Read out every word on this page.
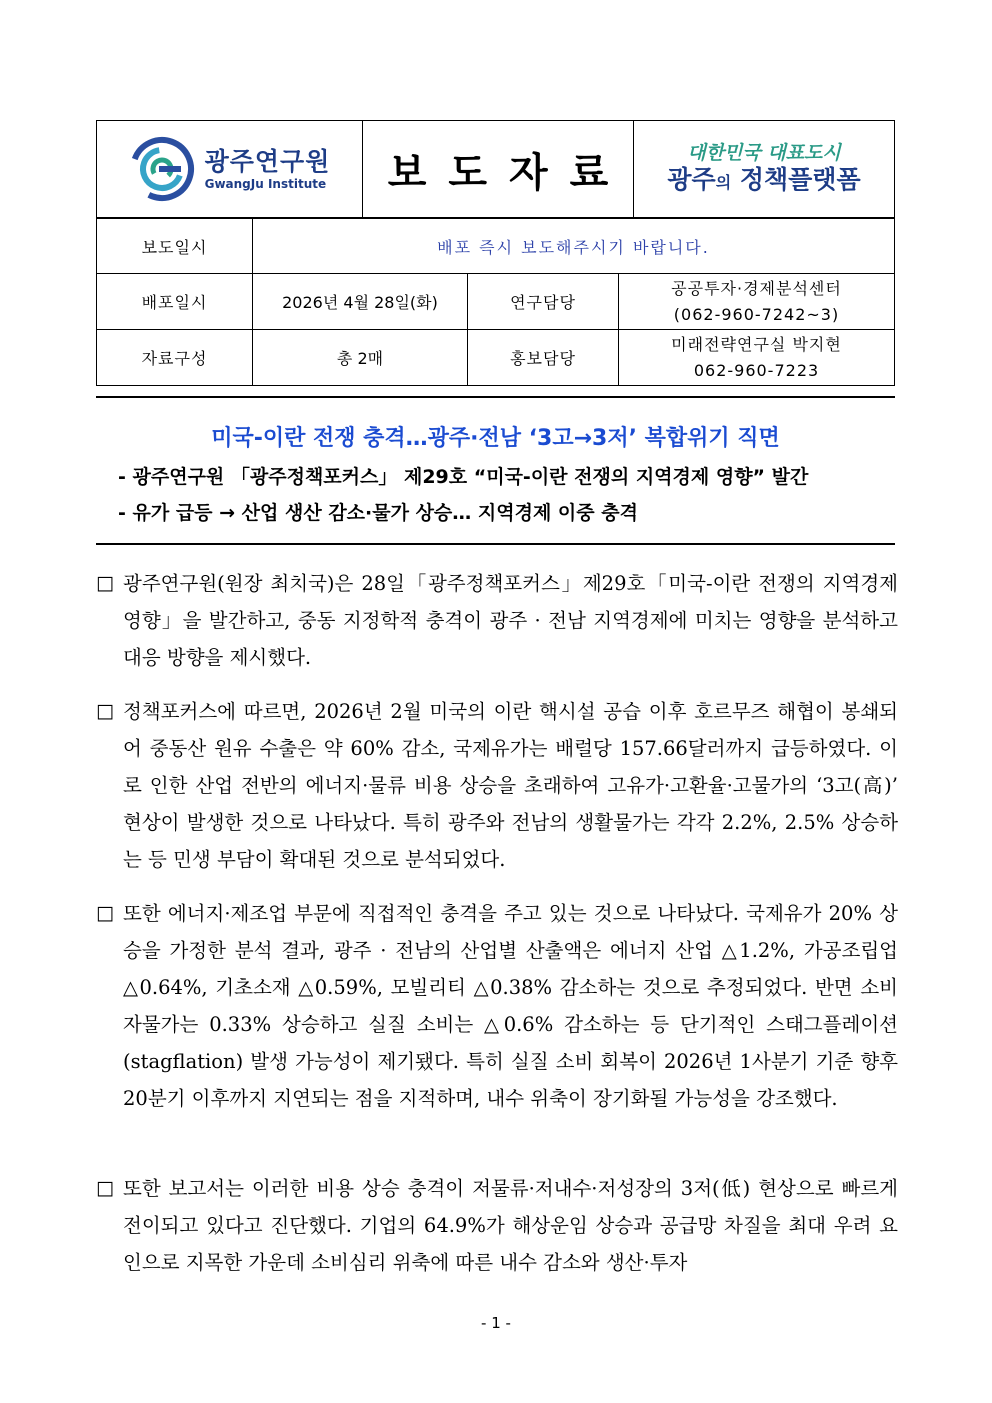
광주연구원
GwangJu Institute 보도자료	대한민국 대표도시
광주의 정책플랫폼
보도일시	배포 즉시 보도해주시기 바랍니다.		
배포일시	2026년 4월 28일(화)	연구담당	공공투자·경제분석센터
(062-960-7242~3)

자료구성	총 2매	홍보담당	미래전략연구실 박지현
062-960-7223
미국-이란 전쟁 충격…광주·전남 ‘3고→3저’ 복합위기 직면
- 광주연구원 「광주정책포커스」 제29호 “미국-이란 전쟁의 지역경제 영향” 발간
- 유가 급등 → 산업 생산 감소·물가 상승… 지역경제 이중 충격
□ 광주연구원(원장 최치국)은 28일「광주정책포커스」제29호「미국-이란 전쟁의 지역경제 영향」을 발간하고, 중동 지정학적 충격이 광주 · 전남 지역경제에 미치는 영향을 분석하고 대응 방향을 제시했다.
□ 정책포커스에 따르면, 2026년 2월 미국의 이란 핵시설 공습 이후 호르무즈 해협이 봉쇄되어 중동산 원유 수출은 약 60% 감소, 국제유가는 배럴당 157.66달러까지 급등하였다. 이로 인한 산업 전반의 에너지·물류 비용 상승을 초래하여 고유가·고환율·고물가의 ‘3고(高)’ 현상이 발생한 것으로 나타났다. 특히 광주와 전남의 생활물가는 각각 2.2%, 2.5% 상승하는 등 민생 부담이 확대된 것으로 분석되었다.
□ 또한 에너지·제조업 부문에 직접적인 충격을 주고 있는 것으로 나타났다. 국제유가 20% 상승을 가정한 분석 결과, 광주 · 전남의 산업별 산출액은 에너지 산업 △1.2%, 가공조립업 △0.64%, 기초소재 △0.59%, 모빌리티 △0.38% 감소하는 것으로 추정되었다. 반면 소비자물가는 0.33% 상승하고 실질 소비는 △0.6% 감소하는 등 단기적인 스태그플레이션(stagflation) 발생 가능성이 제기됐다. 특히 실질 소비 회복이 2026년 1사분기 기준 향후 20분기 이후까지 지연되는 점을 지적하며, 내수 위축이 장기화될 가능성을 강조했다.
□ 또한 보고서는 이러한 비용 상승 충격이 저물류·저내수·저성장의 3저(低) 현상으로 빠르게 전이되고 있다고 진단했다. 기업의 64.9%가 해상운임 상승과 공급망 차질을 최대 우려 요인으로 지목한 가운데 소비심리 위축에 따른 내수 감소와 생산·투자
- 1 -
